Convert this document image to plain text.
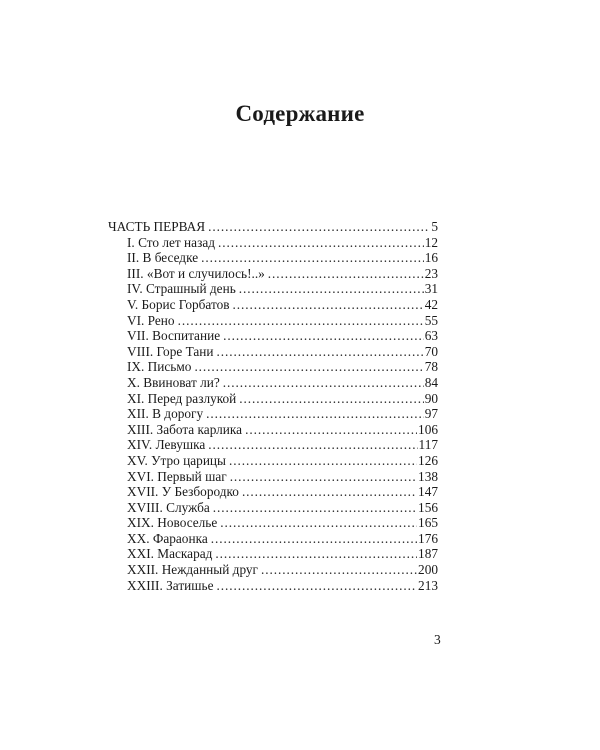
Содержание
ЧАСТЬ ПЕРВАЯ . . .	5
I. Сто лет назад . . .	12
II. В беседке . . .	16
III. «Вот и случилось!..» . . .	23
IV. Страшный день . . .	31
V. Борис Горбатов . . .	42
VI. Рено . . .	55
VII. Воспитание . . .	63
VIII. Горе Тани . . .	70
IX. Письмо . . .	78
X. Ввиноват ли? . . .	84
XI. Перед разлукой . . .	90
XII. В дорогу . . .	97
XIII. Забота карлика . . .	106
XIV. Левушка . . .	117
XV. Утро царицы . . .	126
XVI. Первый шаг . . .	138
XVII. У Безбородко . . .	147
XVIII. Служба . . .	156
XIX. Новоселье . . .	165
XX. Фараонка . . .	176
XXI. Маскарад . . .	187
XXII. Нежданный друг . . .	200
XXIII. Затишье . . .	213
3
